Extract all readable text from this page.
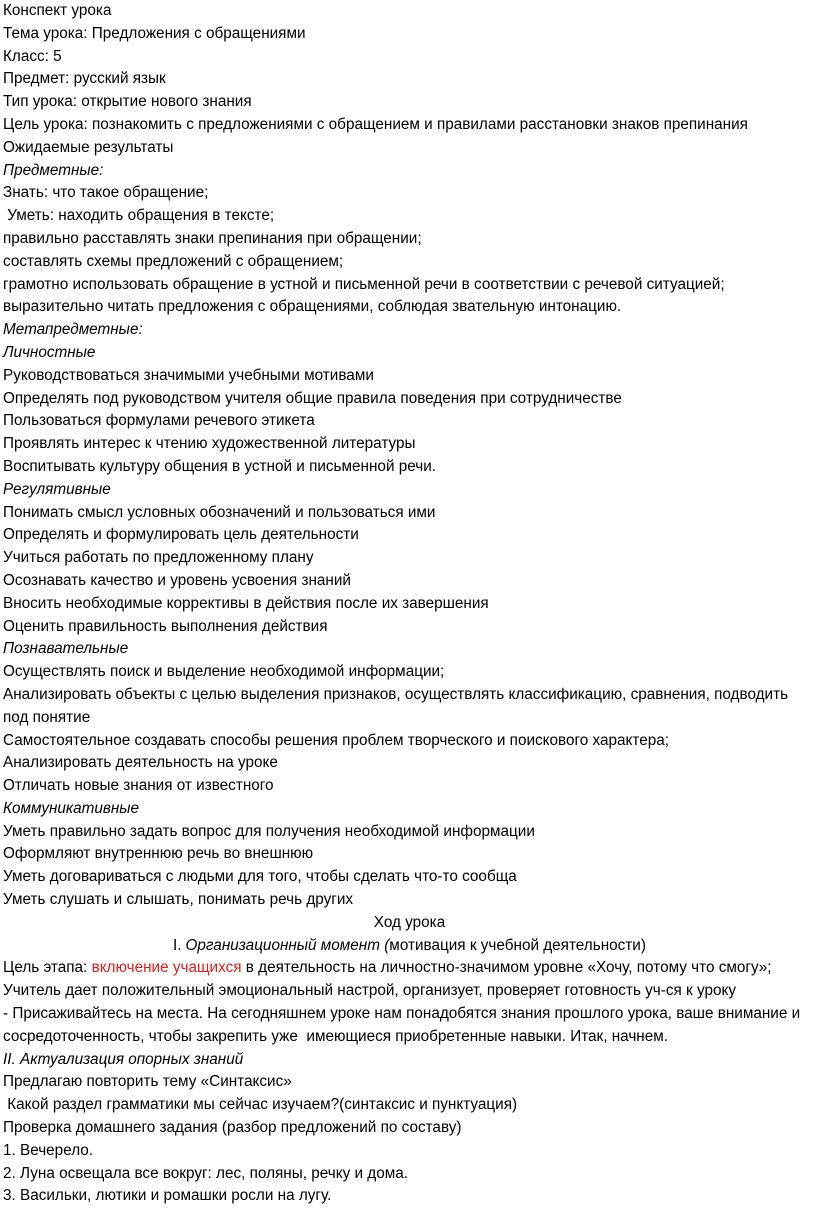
Конспект урока
Тема урока: Предложения с обращениями
Класс: 5
Предмет: русский язык
Тип урока: открытие нового знания
Цель урока: познакомить с предложениями с обращением и правилами расстановки знаков препинания
Ожидаемые результаты
Предметные:
Знать: что такое обращение;
Уметь: находить обращения в тексте;
правильно расставлять знаки препинания при обращении;
составлять схемы предложений с обращением;
грамотно использовать обращение в устной и письменной речи в соответствии с речевой ситуацией;
выразительно читать предложения с обращениями, соблюдая звательную интонацию.
Метапредметные:
Личностные
Руководствоваться значимыми учебными мотивами
Определять под руководством учителя общие правила поведения при сотрудничестве
Пользоваться формулами речевого этикета
Проявлять интерес к чтению художественной литературы
Воспитывать культуру общения в устной и письменной речи.
Регулятивные
Понимать смысл условных обозначений и пользоваться ими
Определять и формулировать цель деятельности
Учиться работать по предложенному плану
Осознавать качество и уровень усвоения знаний
Вносить необходимые коррективы в действия после их завершения
Оценить правильность выполнения действия
Познавательные
Осуществлять поиск и выделение необходимой информации;
Анализировать объекты с целью выделения признаков, осуществлять классификацию, сравнения, подводить под понятие
Самостоятельное создавать способы решения проблем творческого и поискового характера;
Анализировать деятельность на уроке
Отличать новые знания от известного
Коммуникативные
Уметь правильно задать вопрос для получения необходимой информации
Оформляют внутреннюю речь во внешнюю
Уметь договариваться с людьми для того, чтобы сделать что-то сообща
Уметь слушать и слышать, понимать речь других
Ход урока
I. Организационный момент (мотивация к учебной деятельности)
Цель этапа: включение учащихся в деятельность на личностно-значимом уровне «Хочу, потому что смогу»;
Учитель дает положительный эмоциональный настрой, организует, проверяет готовность уч-ся к уроку
- Присаживайтесь на места. На сегодняшнем уроке нам понадобятся знания прошлого урока, ваше внимание и сосредоточенность, чтобы закрепить уже  имеющиеся приобретенные навыки. Итак, начнем.
II. Актуализация опорных знаний
Предлагаю повторить тему «Синтаксис»
Какой раздел грамматики мы сейчас изучаем?(синтаксис и пунктуация)
Проверка домашнего задания (разбор предложений по составу)
1. Вечерело.
2. Луна освещала все вокруг: лес, поляны, речку и дома.
3. Васильки, лютики и ромашки росли на лугу.
